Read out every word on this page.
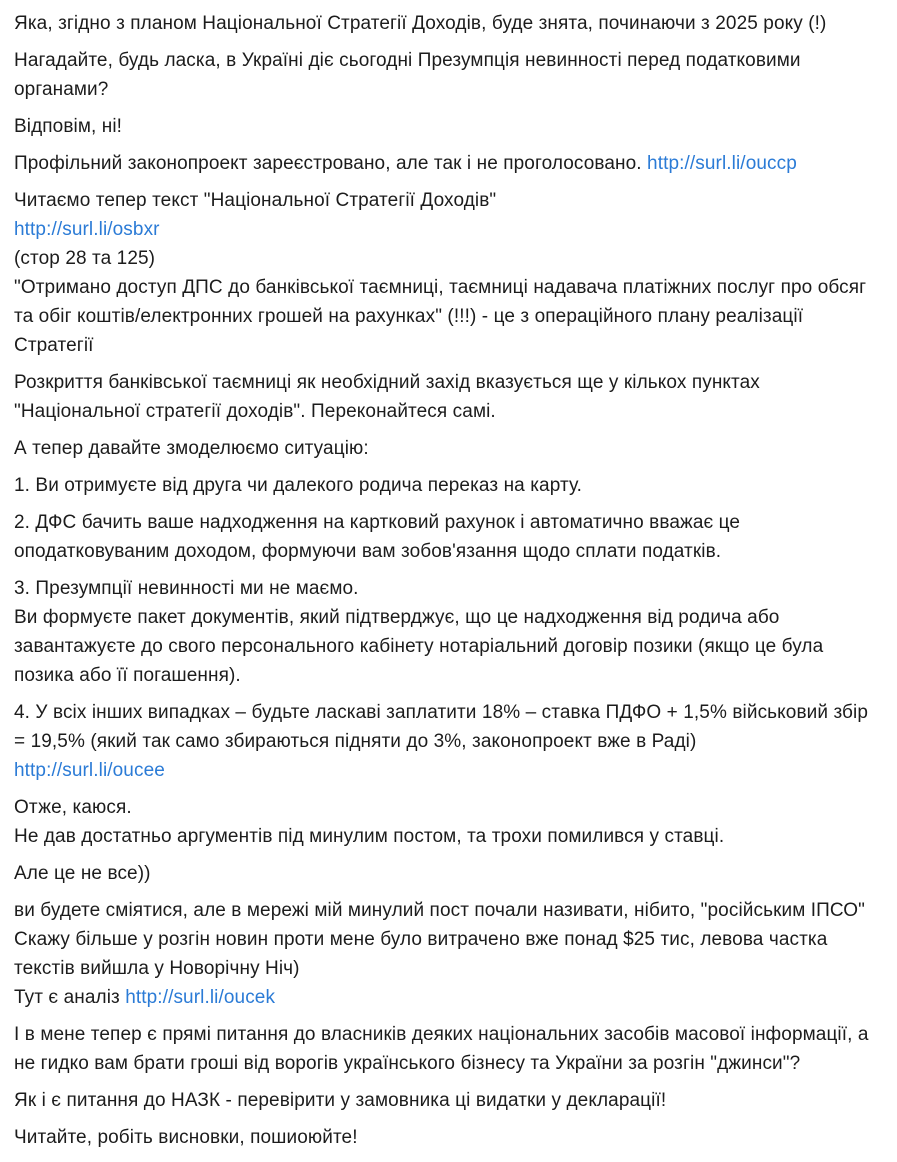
Яка, згідно з планом Національної Стратегії Доходів, буде знята, починаючи з 2025 року (!)

Нагадайте, будь ласка, в Україні діє сьогодні Презумпція невинності перед податковими органами?

Відповім, ні!

Профільний законопроект зареєстровано, але так і не проголосовано. http://surl.li/ouccp

Читаємо тепер текст "Національної Стратегії Доходів"
http://surl.li/osbxr
(стор 28 та 125)
"Отримано доступ ДПС до банківської таємниці, таємниці надавача платіжних послуг про обсяг та обіг коштів/електронних грошей на рахунках" (!!!) - це з операційного плану реалізації Стратегії

Розкриття банківської таємниці як необхідний захід вказується ще у кількох пунктах "Національної стратегії доходів". Переконайтеся самі.

А тепер давайте змоделюємо ситуацію:

1. Ви отримуєте від друга чи далекого родича переказ на карту.

2. ДФС бачить ваше надходження на картковий рахунок і автоматично вважає це оподатковуваним доходом, формуючи вам зобов'язання щодо сплати податків.

3. Презумпції невинності ми не маємо.
Ви формуєте пакет документів, який підтверджує, що це надходження від родича або завантажуєте до свого персонального кабінету нотаріальний договір позики (якщо це була позика або її погашення).

4. У всіх інших випадках – будьте ласкаві заплатити 18% – ставка ПДФО + 1,5% військовий збір = 19,5% (який так само збираються підняти до 3%, законопроект вже в Раді)
http://surl.li/oucee

Отже, каюся.
Не дав достатньо аргументів під минулим постом, та трохи помилився у ставці.

Але це не все))

ви будете сміятися, але в мережі мій минулий пост почали називати, нібито, "російським ІПСО"
Скажу більше у розгін новин проти мене було витрачено вже понад $25 тис, левова частка текстів вийшла у Новорічну Ніч)
Тут є аналіз http://surl.li/oucek

І в мене тепер є прямі питання до власників деяких національних засобів масової інформації, а не гидко вам брати гроші від ворогів українського бізнесу та України за розгін "джинси"?

Як і є питання до НАЗК - перевірити у замовника ці видатки у декларації!

Читайте, робіть висновки, пошиоюйте!
